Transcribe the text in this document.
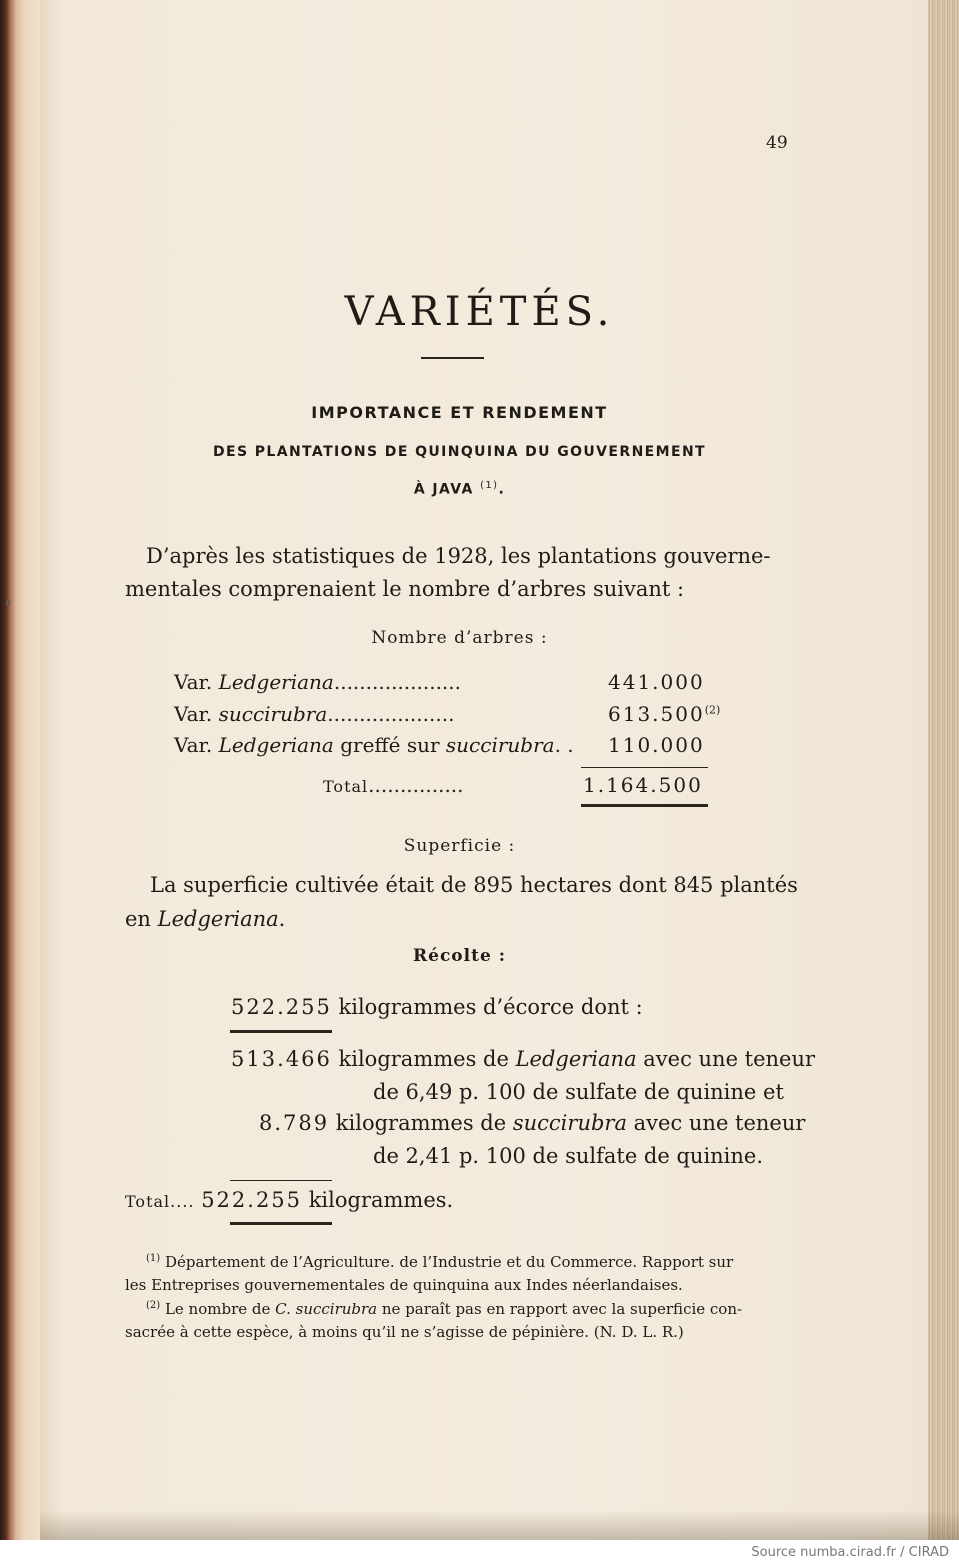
49
VARIÉTÉS.
IMPORTANCE ET RENDEMENT
DES PLANTATIONS DE QUINQUINA DU GOUVERNEMENT
À JAVA $^{(1)}$.
D’après les statistiques de 1928, les plantations gouverne-
mentales comprenaient le nombre d’arbres suivant :
Nombre d’arbres :
Var. Ledgeriana....................	441.000
Var. succirubra....................	613.500$^{(2)}$
Var. Ledgeriana greffé sur succirubra. . 110.000
Total...............	1.164.500
Superficie :
La superficie cultivée était de 895 hectares dont 845 plantés
en Ledgeriana.
Récolte :
522.255 kilogrammes d’écorce dont :
513.466 kilogrammes de Ledgeriana avec une teneur
de 6,49 p. 100 de sulfate de quinine et
8.789 kilogrammes de succirubra avec une teneur
de 2,41 p. 100 de sulfate de quinine.
Total.... 522.255 kilogrammes.
$^{(1)}$ Département de l’Agriculture. de l’Industrie et du Commerce. Rapport sur
les Entreprises gouvernementales de quinquina aux Indes néerlandaises.
$^{(2)}$ Le nombre de C. succirubra ne paraît pas en rapport avec la superficie con-
sacrée à cette espèce, à moins qu’il ne s’agisse de pépinière. (N. D. L. R.)
Source numba.cirad.fr / CIRAD
